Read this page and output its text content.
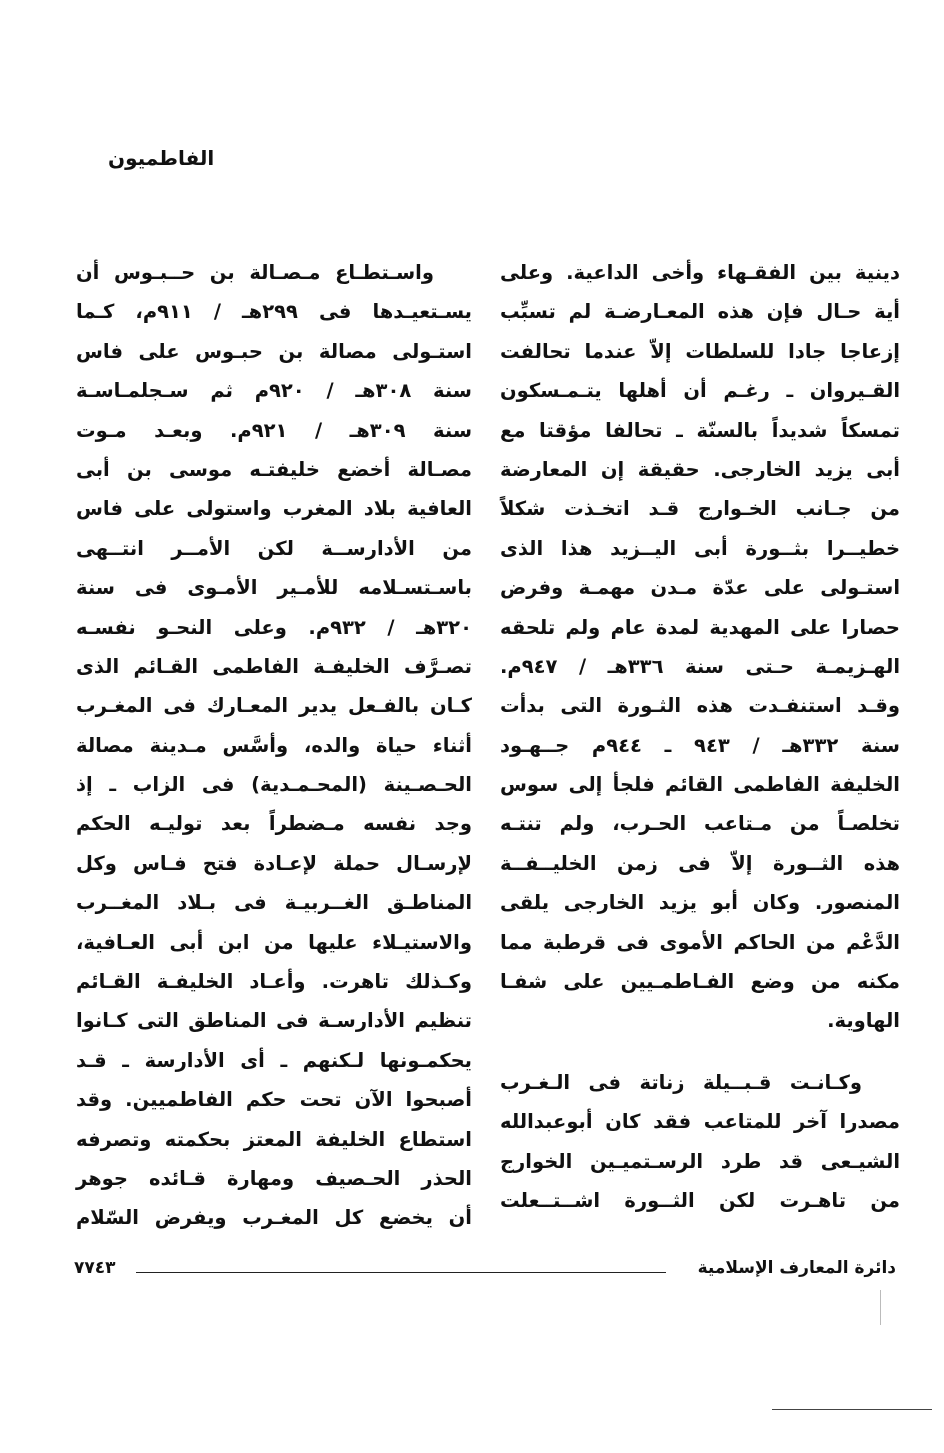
الفاطميون
دينية بين الفقـهاء وأخى الداعية. وعلى
أية حـال فإن هذه المعـارضـة لم تسبِّب
إزعاجا جادا للسلطات إلاّ عندما تحالفت
القـيروان ـ رغـم أن أهلها يتـمـسكون
تمسكاً شديداً بالسنّة ـ تحالفا مؤقتا مع
أبى يزيد الخارجى. حقيقة إن المعارضة
من جـانب الخـوارج قـد اتخـذت شكلاً
خطيــرا بثــورة أبى اليــزيد هذا الذى
استـولى على عدّة مـدن مهمـة وفرض
حصارا على المهدية لمدة عام ولم تلحقه
الهـزيمـة حـتى سنة ٣٣٦هـ / ٩٤٧م.
وقـد استنفـدت هذه الثـورة التى بدأت
سنة ٣٣٢هـ / ٩٤٣ ـ ٩٤٤م جــهـود
الخليفة الفاطمى القائم فلجأ إلى سوس
تخلصـاً من مـتاعب الحـرب، ولم تنتـه
هذه الثــورة إلاّ فى زمن الخليــفــة
المنصور. وكان أبو يزيد الخارجى يلقى
الدَّعْم من الحاكم الأموى فى قرطبة مما
مكنه من وضع الفـاطمـيين على شفـا
الهاوية.
وكـانـت قـبــيلة زناتة فى الـغـرب
مصدرا آخر للمتاعب فقد كان أبوعبدالله
الشيـعى قد طرد الرسـتميـين الخوارج
من تاهـرت لكن الثــورة اشــتــعلت
واسـتطـاع مـصـالة بن حــبـوس أن
يسـتعيـدها فى ٢٩٩هـ / ٩١١م، كـما
استـولى مصالة بن حبـوس على فاس
سنة ٣٠٨هـ / ٩٢٠م ثم سـجلمـاسـة
سنة ٣٠٩هـ / ٩٢١م. وبعـد مـوت
مصـالة أخضع خليفتـه موسى بن أبى
العافية بلاد المغرب واستولى على فاس
من الأدارســة لكن الأمــر انتــهى
باسـتسـلامه للأمـير الأمـوى فى سنة
٣٢٠هـ / ٩٣٢م. وعلى النحـو نفسـه
تصـرَّف الخليفـة الفاطمى القـائم الذى
كـان بالفـعل يدير المعـارك فى المغـرب
أثناء حياة والده، وأسَّس مـدينة مصالة
الحـصـينة (المحـمـدية) فى الزاب ـ إذ
وجد نفسه مـضطراً بعد توليـه الحكم
لإرسـال حملة لإعـادة فتح فـاس وكل
المناطـق الغــربيـة فى بـلاد المغــرب
والاستيـلاء عليها من ابن أبى العـافية،
وكـذلك تاهرت. وأعـاد الخليفـة القـائم
تنظيم الأدارسـة فى المناطق التى كـانوا
يحكمـونها لـكنهم ـ أى الأدارسة ـ قـد
أصبحوا الآن تحت حكم الفاطميين. وقد
استطاع الخليفة المعتز بحكمته وتصرفه
الحذر الحـصيف ومهارة قـائده جوهر
أن يخضع كل المغـرب ويفرض السّلام
دائرة المعارف الإسلامية
٧٧٤٣
